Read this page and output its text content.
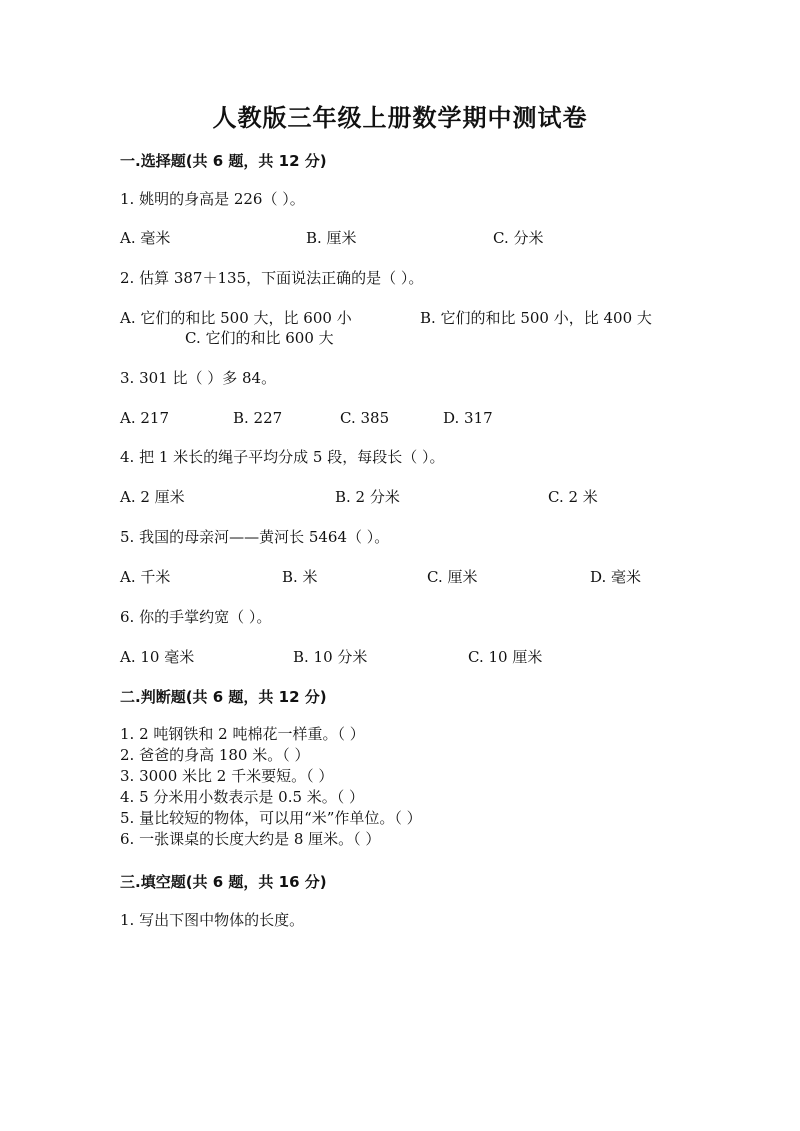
人教版三年级上册数学期中测试卷
一.选择题(共 6 题，共 12 分)
1. 姚明的身高是 226（ ）。
A. 毫米	B. 厘米	C. 分米
2. 估算 387＋135，下面说法正确的是（ ）。
A. 它们的和比 500 大，比 600 小	B. 它们的和比 500 小，比 400 大
C. 它们的和比 600 大
3. 301 比（ ）多 84。
A. 217	B. 227	C. 385	D. 317
4. 把 1 米长的绳子平均分成 5 段，每段长（ ）。
A. 2 厘米	B. 2 分米	C. 2 米
5. 我国的母亲河——黄河长 5464（ ）。
A. 千米	B. 米	C. 厘米	D. 毫米
6. 你的手掌约宽（ ）。
A. 10 毫米	B. 10 分米	C. 10 厘米
二.判断题(共 6 题，共 12 分)
1. 2 吨钢铁和 2 吨棉花一样重。（ ）
2. 爸爸的身高 180 米。（ ）
3. 3000 米比 2 千米要短。（ ）
4. 5 分米用小数表示是 0.5 米。（ ）
5. 量比较短的物体，可以用“米”作单位。（ ）
6. 一张课桌的长度大约是 8 厘米。（ ）
三.填空题(共 6 题，共 16 分)
1. 写出下图中物体的长度。
